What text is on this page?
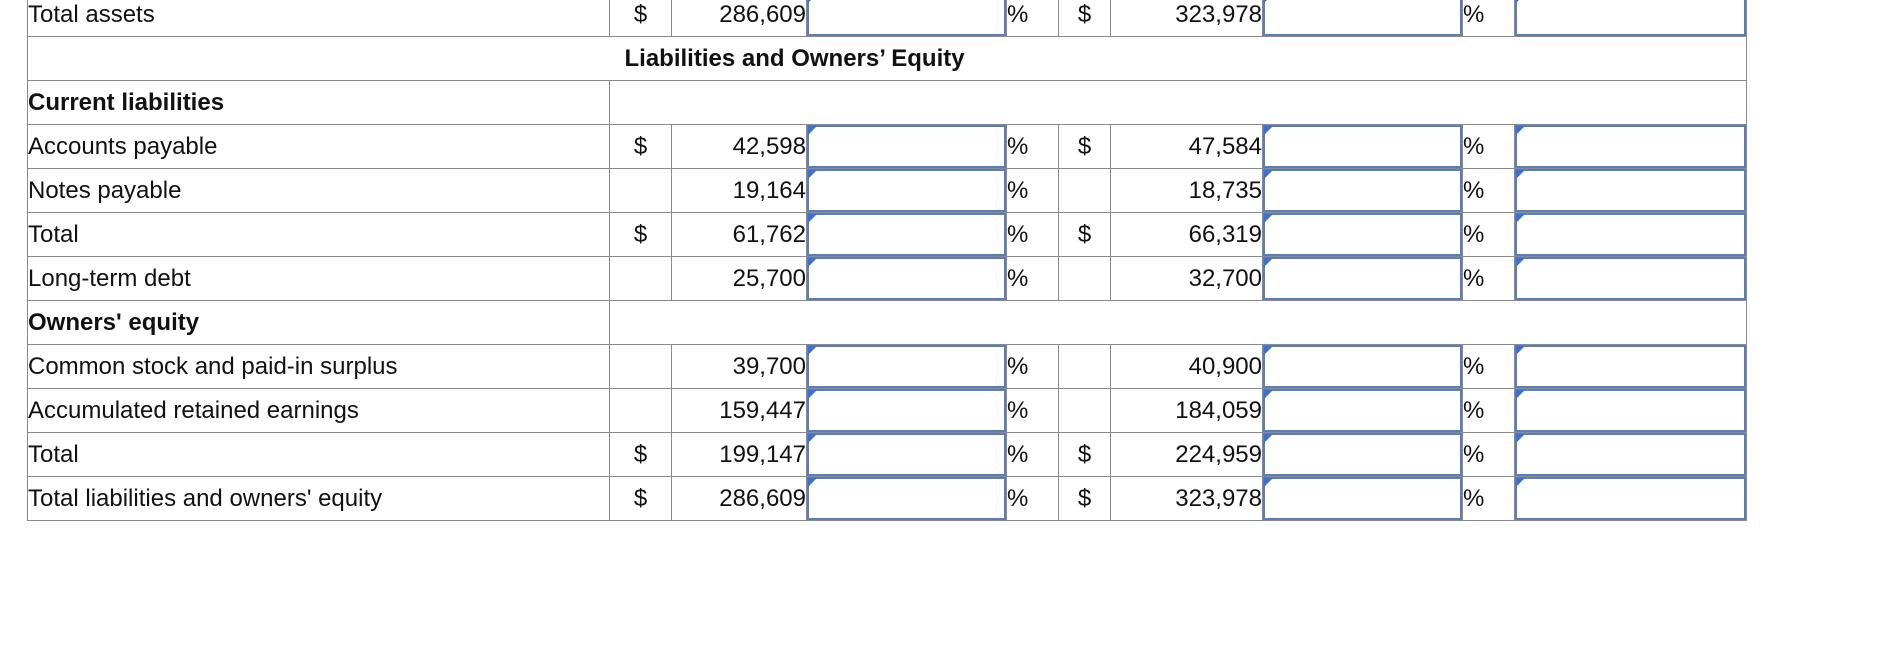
Total assets	$	286,609		%	$	323,978		%	

	Liabilities and Owners’ Equity								
Current liabilities									
Accounts payable	$	42,598		%	$	47,584		%	

Notes payable		19,164		%		18,735		%	

Total	$	61,762		%	$	66,319		%	

Long-term debt		25,700		%		32,700		%	

Owners' equity									
Common stock and paid-in surplus		39,700		%		40,900		%	

Accumulated retained earnings		159,447		%		184,059		%	

Total	$	199,147		%	$	224,959		%	

Total liabilities and owners' equity	$	286,609		%	$	323,978		%	
